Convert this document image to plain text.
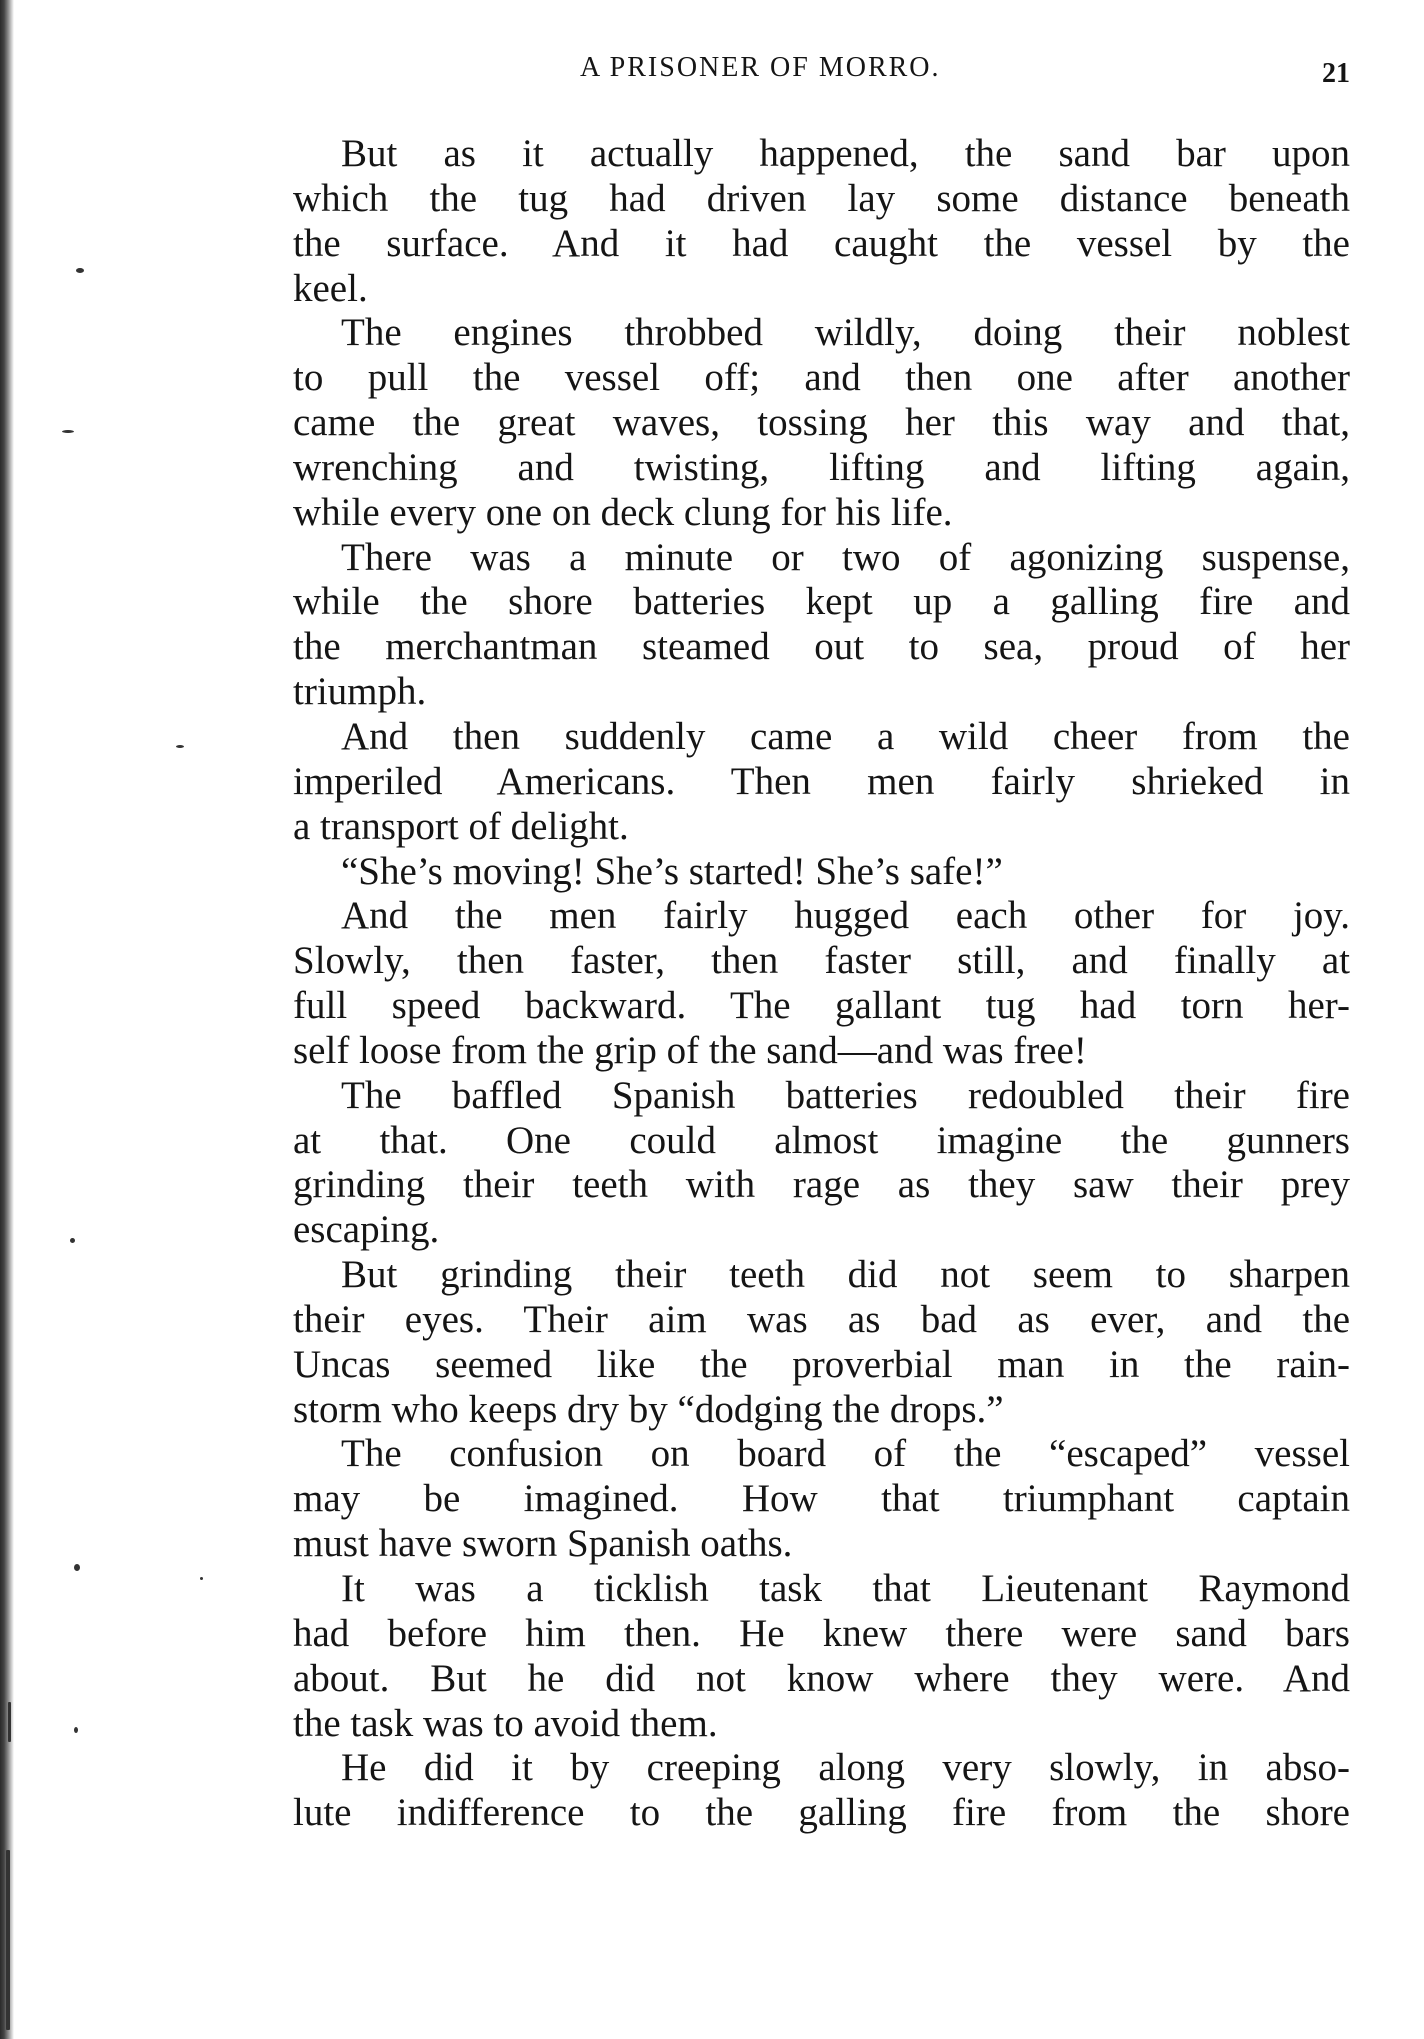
A PRISONER OF MORRO.	21
But as it actually happened, the sand bar upon
which the tug had driven lay some distance beneath
the surface. And it had caught the vessel by the
keel.
The engines throbbed wildly, doing their noblest
to pull the vessel off; and then one after another
came the great waves, tossing her this way and that,
wrenching and twisting, lifting and lifting again,
while every one on deck clung for his life.
There was a minute or two of agonizing suspense,
while the shore batteries kept up a galling fire and
the merchantman steamed out to sea, proud of her
triumph.
And then suddenly came a wild cheer from the
imperiled Americans. Then men fairly shrieked in
a transport of delight.
“She’s moving! She’s started! She’s safe!”
And the men fairly hugged each other for joy.
Slowly, then faster, then faster still, and finally at
full speed backward. The gallant tug had torn her-
self loose from the grip of the sand—and was free!
The baffled Spanish batteries redoubled their fire
at that. One could almost imagine the gunners
grinding their teeth with rage as they saw their prey
escaping.
But grinding their teeth did not seem to sharpen
their eyes. Their aim was as bad as ever, and the
Uncas seemed like the proverbial man in the rain-
storm who keeps dry by “dodging the drops.”
The confusion on board of the “escaped” vessel
may be imagined. How that triumphant captain
must have sworn Spanish oaths.
It was a ticklish task that Lieutenant Raymond
had before him then. He knew there were sand bars
about. But he did not know where they were. And
the task was to avoid them.
He did it by creeping along very slowly, in abso-
lute indifference to the galling fire from the shore
